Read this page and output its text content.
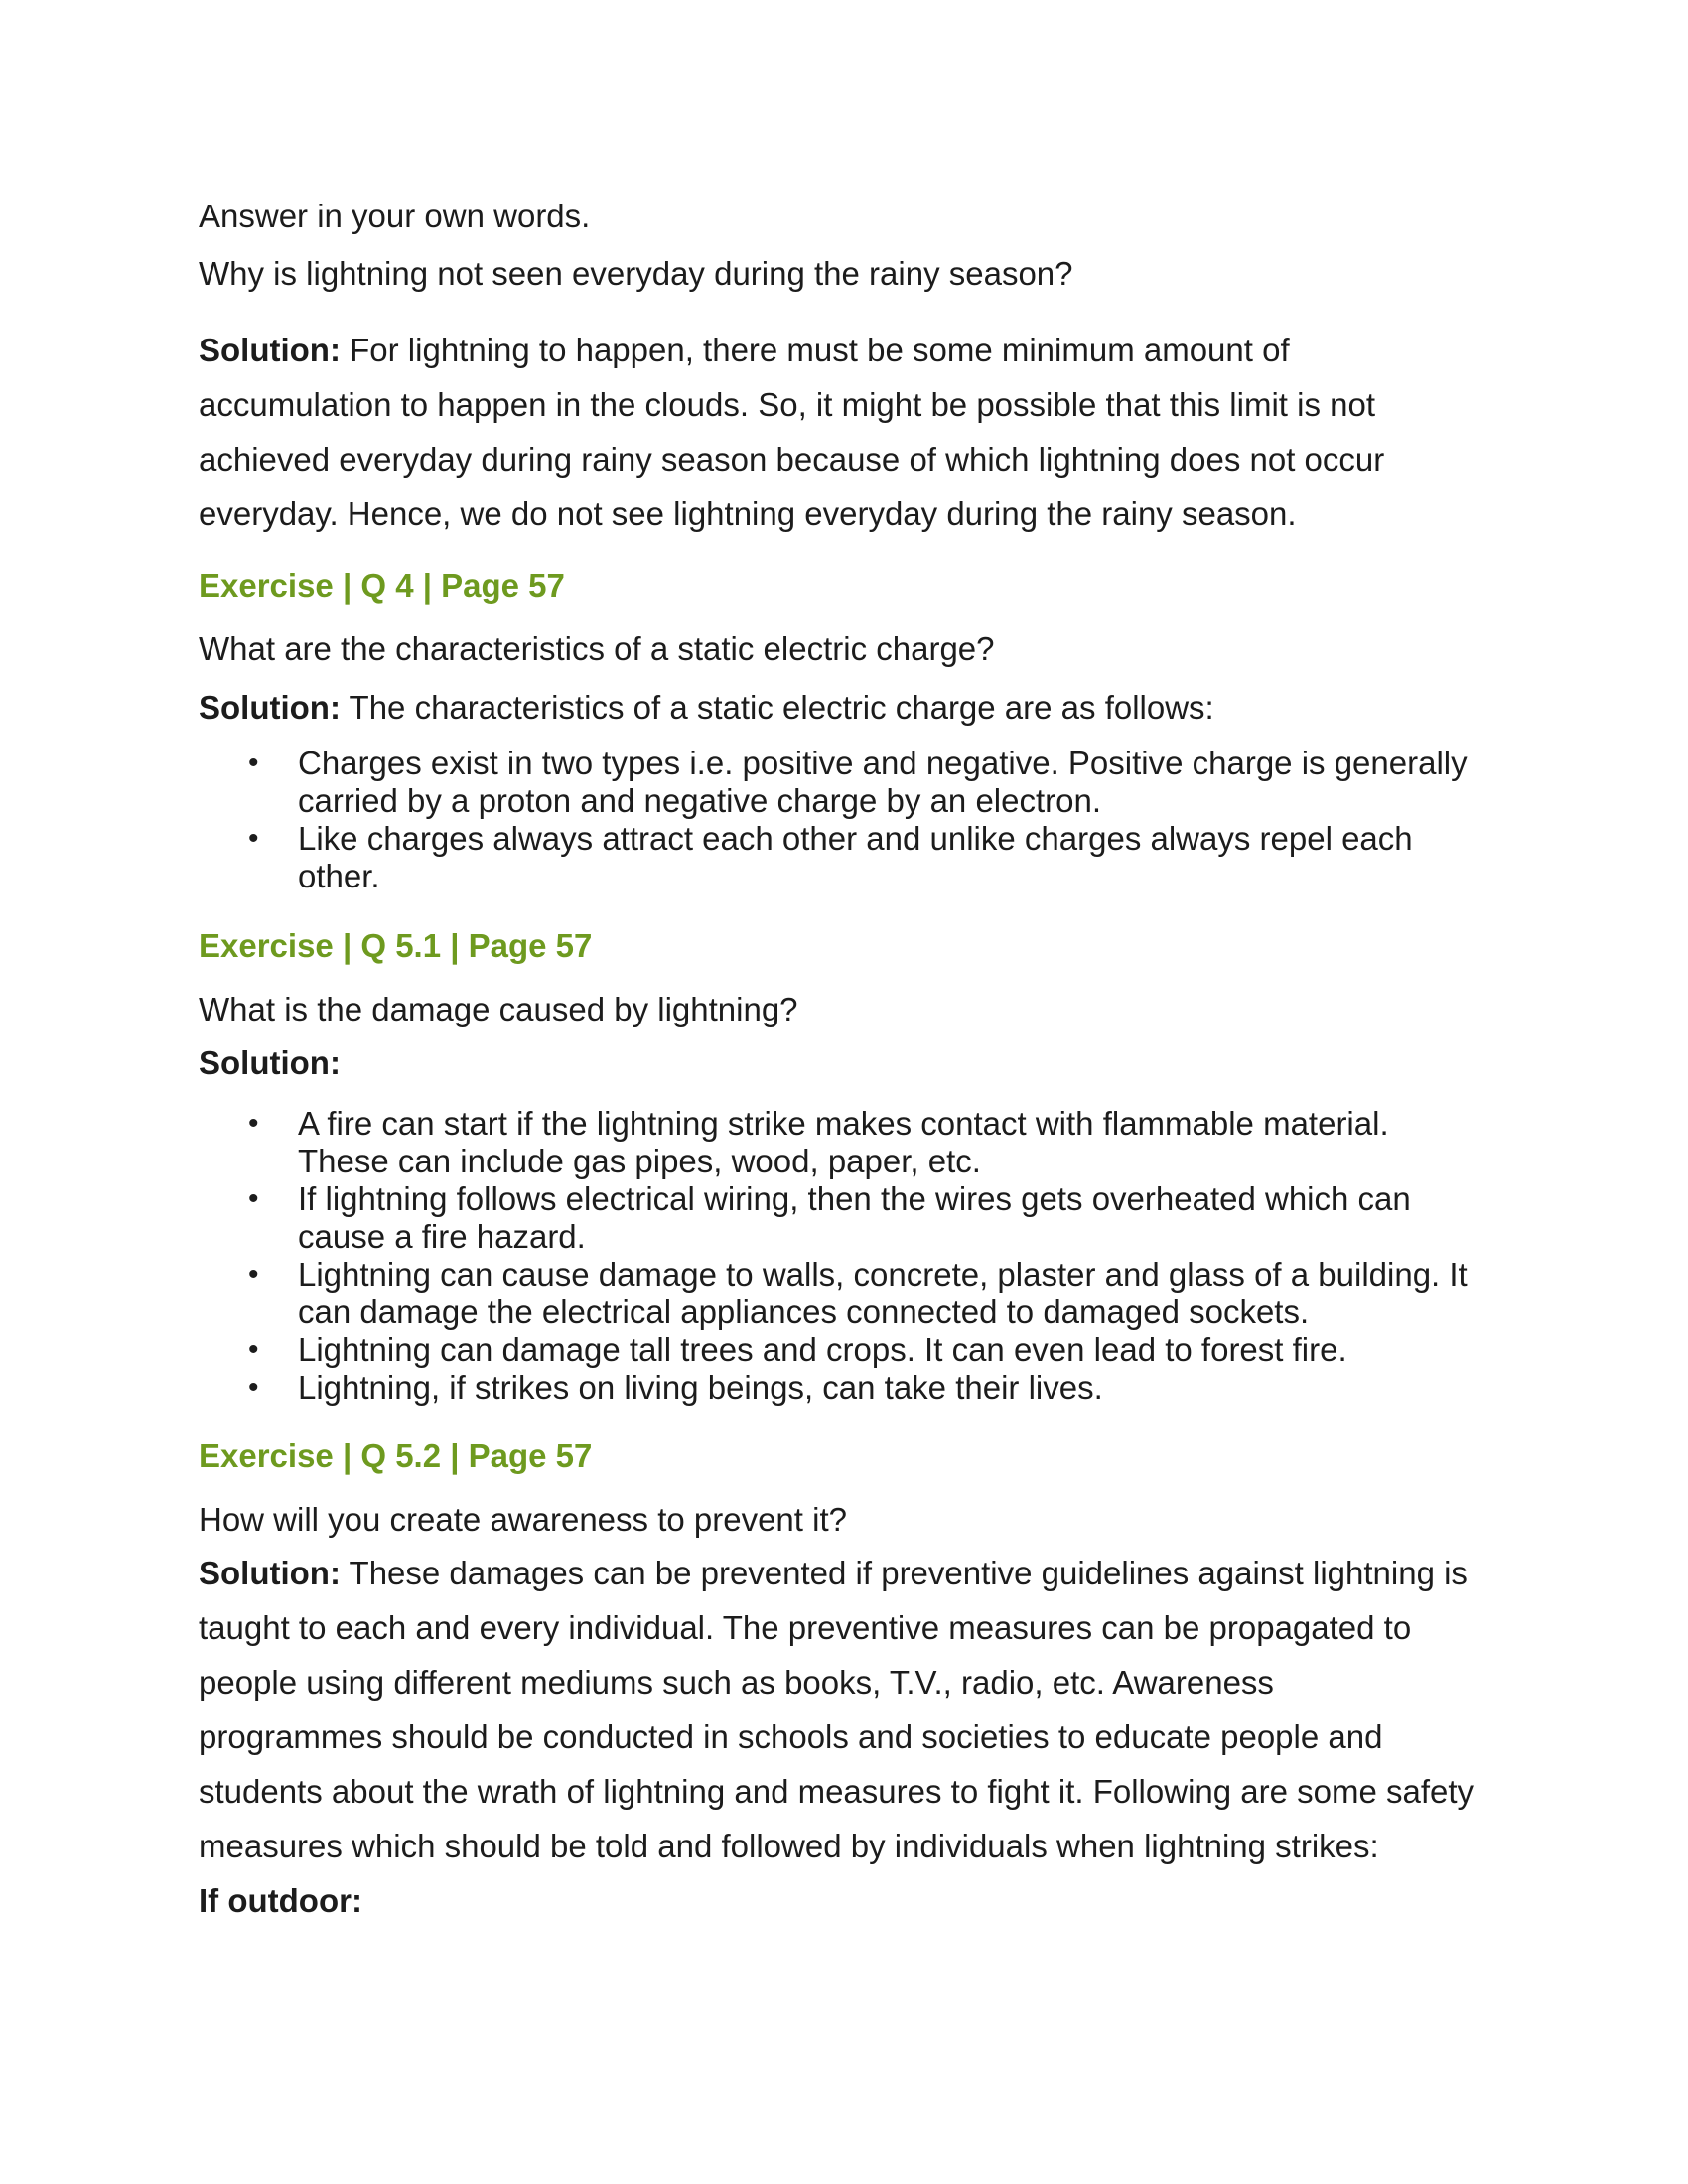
Answer in your own words.

Why is lightning not seen everyday during the rainy season?

Solution: For lightning to happen, there must be some minimum amount of

accumulation to happen in the clouds. So, it might be possible that this limit is not

achieved everyday during rainy season because of which lightning does not occur

everyday. Hence, we do not see lightning everyday during the rainy season.

Exercise | Q 4 | Page 57

What are the characteristics of a static electric charge?

Solution: The characteristics of a static electric charge are as follows:

• Charges exist in two types i.e. positive and negative. Positive charge is generally
carried by a proton and negative charge by an electron.
• Like charges always attract each other and unlike charges always repel each
other.
Exercise | Q 5.1 | Page 57

What is the damage caused by lightning?

Solution:

• A fire can start if the lightning strike makes contact with flammable material.
These can include gas pipes, wood, paper, etc.
• If lightning follows electrical wiring, then the wires gets overheated which can
cause a fire hazard.
• Lightning can cause damage to walls, concrete, plaster and glass of a building. It
can damage the electrical appliances connected to damaged sockets.
• Lightning can damage tall trees and crops. It can even lead to forest fire.
• Lightning, if strikes on living beings, can take their lives.
Exercise | Q 5.2 | Page 57

How will you create awareness to prevent it?

Solution: These damages can be prevented if preventive guidelines against lightning is

taught to each and every individual. The preventive measures can be propagated to

people using different mediums such as books, T.V., radio, etc. Awareness

programmes should be conducted in schools and societies to educate people and

students about the wrath of lightning and measures to fight it. Following are some safety

measures which should be told and followed by individuals when lightning strikes:

If outdoor:
